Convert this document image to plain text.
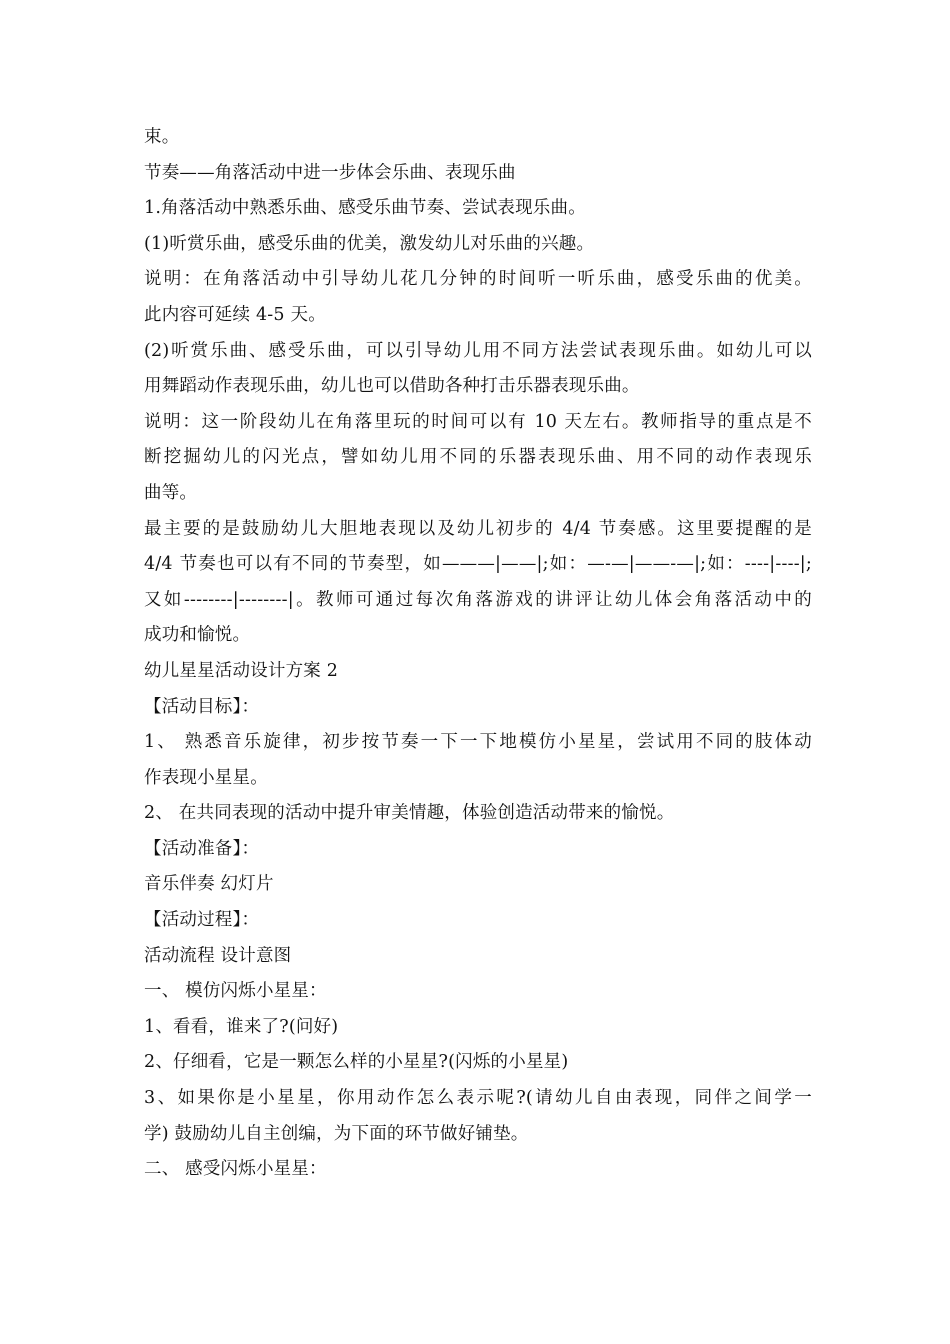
束。
节奏——角落活动中进一步体会乐曲、表现乐曲
1.角落活动中熟悉乐曲、感受乐曲节奏、尝试表现乐曲。
(1)听赏乐曲，感受乐曲的优美，激发幼儿对乐曲的兴趣。
说明：在角落活动中引导幼儿花几分钟的时间听一听乐曲，感受乐曲的优美。
此内容可延续 4-5 天。
(2)听赏乐曲、感受乐曲，可以引导幼儿用不同方法尝试表现乐曲。如幼儿可以
用舞蹈动作表现乐曲，幼儿也可以借助各种打击乐器表现乐曲。
说明：这一阶段幼儿在角落里玩的时间可以有 10 天左右。教师指导的重点是不
断挖掘幼儿的闪光点，譬如幼儿用不同的乐器表现乐曲、用不同的动作表现乐
曲等。
最主要的是鼓励幼儿大胆地表现以及幼儿初步的 4/4 节奏感。这里要提醒的是
4/4 节奏也可以有不同的节奏型，如———|——|;如：—-—|——-—|;如：----|----|;
又如--------|--------|。教师可通过每次角落游戏的讲评让幼儿体会角落活动中的
成功和愉悦。
幼儿星星活动设计方案 2
【活动目标】：
1、 熟悉音乐旋律，初步按节奏一下一下地模仿小星星，尝试用不同的肢体动
作表现小星星。
2、 在共同表现的活动中提升审美情趣，体验创造活动带来的愉悦。
【活动准备】：
音乐伴奏 幻灯片
【活动过程】：
活动流程 设计意图
一、 模仿闪烁小星星：
1、看看，谁来了?(问好)
2、仔细看，它是一颗怎么样的小星星?(闪烁的小星星)
3、如果你是小星星，你用动作怎么表示呢?(请幼儿自由表现，同伴之间学一
学) 鼓励幼儿自主创编，为下面的环节做好铺垫。
二、 感受闪烁小星星：
